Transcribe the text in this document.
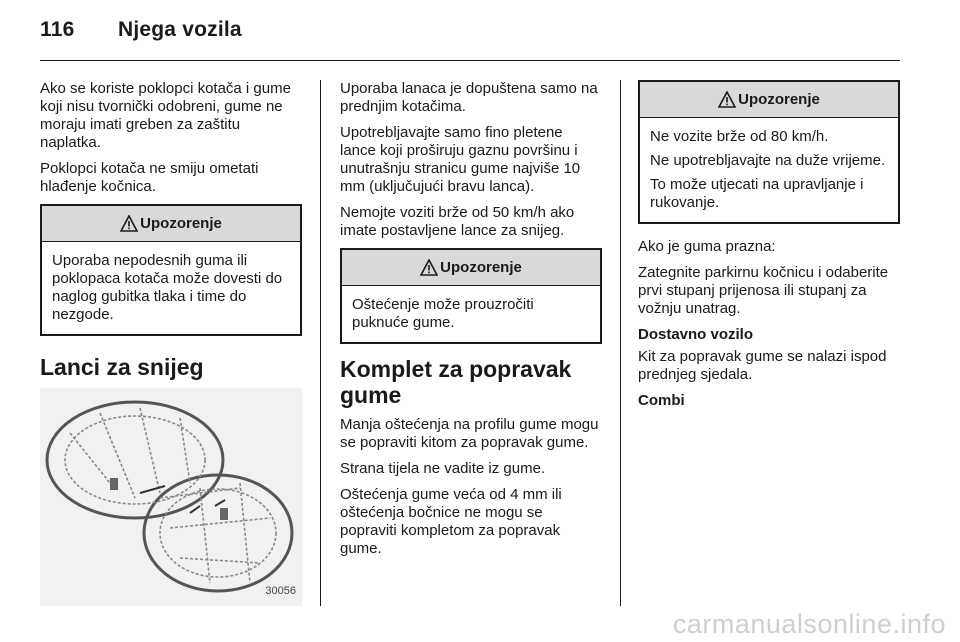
116 Njega vozila

Ako se koriste poklopci kotača i gume koji nisu tvornički odobreni, gume ne moraju imati greben za zaštitu naplatka.

Poklopci kotača ne smiju ometati hlađenje kočnica.

Upozorenje

Uporaba nepodesnih guma ili poklopaca kotača može dovesti do naglog gubitka tlaka i time do nezgode.

Lanci za snijeg
30056

Uporaba lanaca je dopuštena samo na prednjim kotačima.

Upotrebljavajte samo fino pletene lance koji proširuju gaznu površinu i unutrašnju stranicu gume najviše 10 mm (uključujući bravu lanca).

Nemojte voziti brže od 50 km/h ako imate postavljene lance za snijeg.

Upozorenje

Oštećenje može prouzročiti puknuće gume.

Komplet za popravak gume

Manja oštećenja na profilu gume mogu se popraviti kitom za popravak gume.

Strana tijela ne vadite iz gume.

Oštećenja gume veća od 4 mm ili oštećenja bočnice ne mogu se popraviti kompletom za popravak gume.

Upozorenje

Ne vozite brže od 80 km/h.

Ne upotrebljavajte na duže vrijeme.

To može utjecati na upravljanje i rukovanje.

Ako je guma prazna:

Zategnite parkirnu kočnicu i odaberite prvi stupanj prijenosa ili stupanj za vožnju unatrag.

Dostavno vozilo

Kit za popravak gume se nalazi ispod prednjeg sjedala.

Combi

carmanualsonline.info
